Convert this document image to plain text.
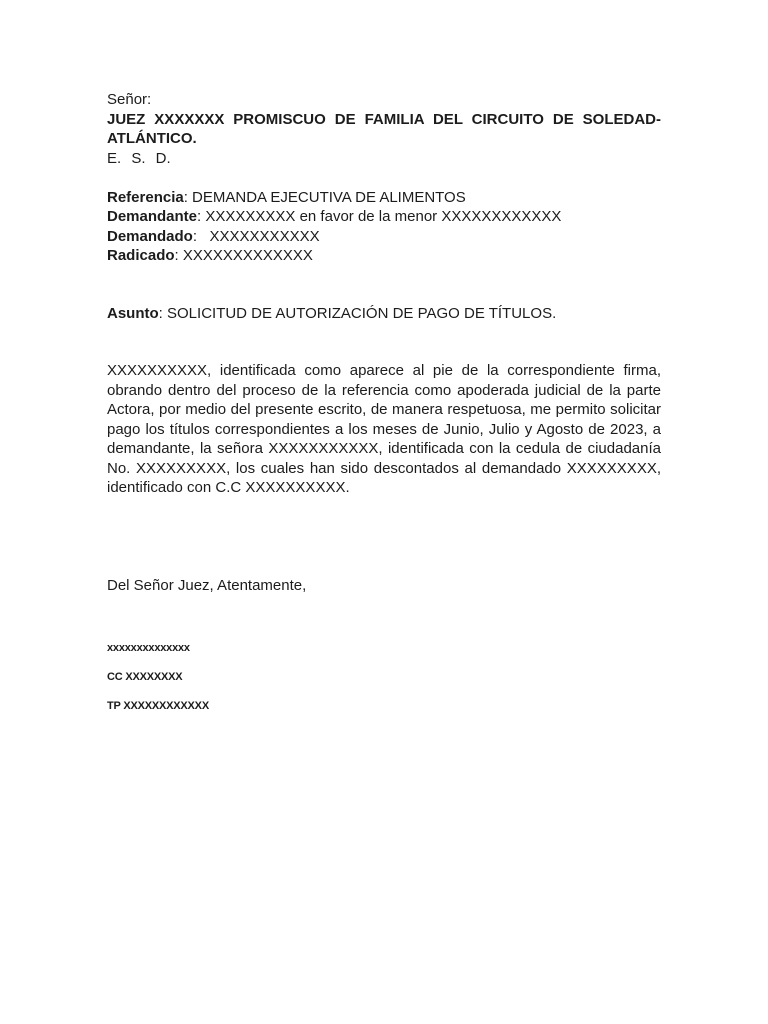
Señor:

JUEZ XXXXXXX PROMISCUO DE FAMILIA DEL CIRCUITO DE SOLEDAD-ATLÁNTICO.

E. S. D.

Referencia: DEMANDA EJECUTIVA DE ALIMENTOS

Demandante: XXXXXXXXX en favor de la menor XXXXXXXXXXXX

Demandado:   XXXXXXXXXXX

Radicado: XXXXXXXXXXXXX

Asunto: SOLICITUD DE AUTORIZACIÓN DE PAGO DE TÍTULOS.

XXXXXXXXXX, identificada como aparece al pie de la correspondiente firma, obrando dentro del proceso de la referencia como apoderada judicial de la parte Actora, por medio del presente escrito, de manera respetuosa, me permito solicitar pago los títulos correspondientes a los meses de Junio, Julio y Agosto de 2023, a demandante, la señora XXXXXXXXXXX, identificada con la cedula de ciudadanía No. XXXXXXXXX, los cuales han sido descontados al demandado XXXXXXXXX, identificado con C.C XXXXXXXXXX.

Del Señor Juez, Atentamente,

xxxxxxxxxxxxxx

CC XXXXXXXX

TP XXXXXXXXXXXX
